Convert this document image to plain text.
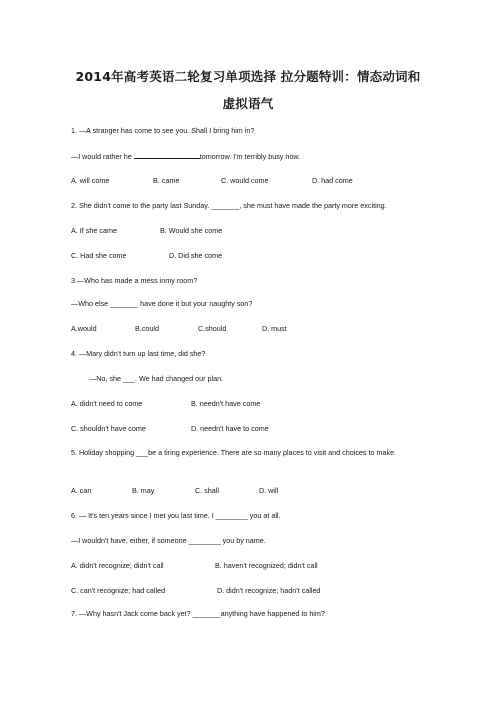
2014年高考英语二轮复习单项选择 拉分题特训：情态动词和
虚拟语气
1. —A stranger has come to see you. Shall I bring him in?
—I would rather he	tomorrow. I'm terribly busy now.
A. will come	B. came	C. would come	D. had come
2. She didn't come to the party last Sunday. _______, she must have made the party more exciting.
A. If she came	B. Would she come
C. Had she come	D. Did she come
3.—Who has made a mess inmy room?
—Who else _______ have done it but your naughty son?
A.would	B.could	C.should	D. must
4. —Mary didn't turn up last time, did she?
—No, she ___. We had changed our plan.
A. didn't need to come	B. needn't have come
C. shouldn't have come	D. needn't have to come
5. Holiday shopping ___be a tiring experience. There are so many places to visit and choices to make.
A. can	B. may	C. shall	D. will
6. — It's ten years since I met you last time. I ________ you at all.
—I wouldn't have, either, if someone ________ you by name.
A. didn't recognize; didn't call	B. haven't recognized; didn't call
C. can't recognize; had called	D. didn't recognize; hadn't called
7. —Why hasn't Jack come back yet? _______anything have happened to him?
